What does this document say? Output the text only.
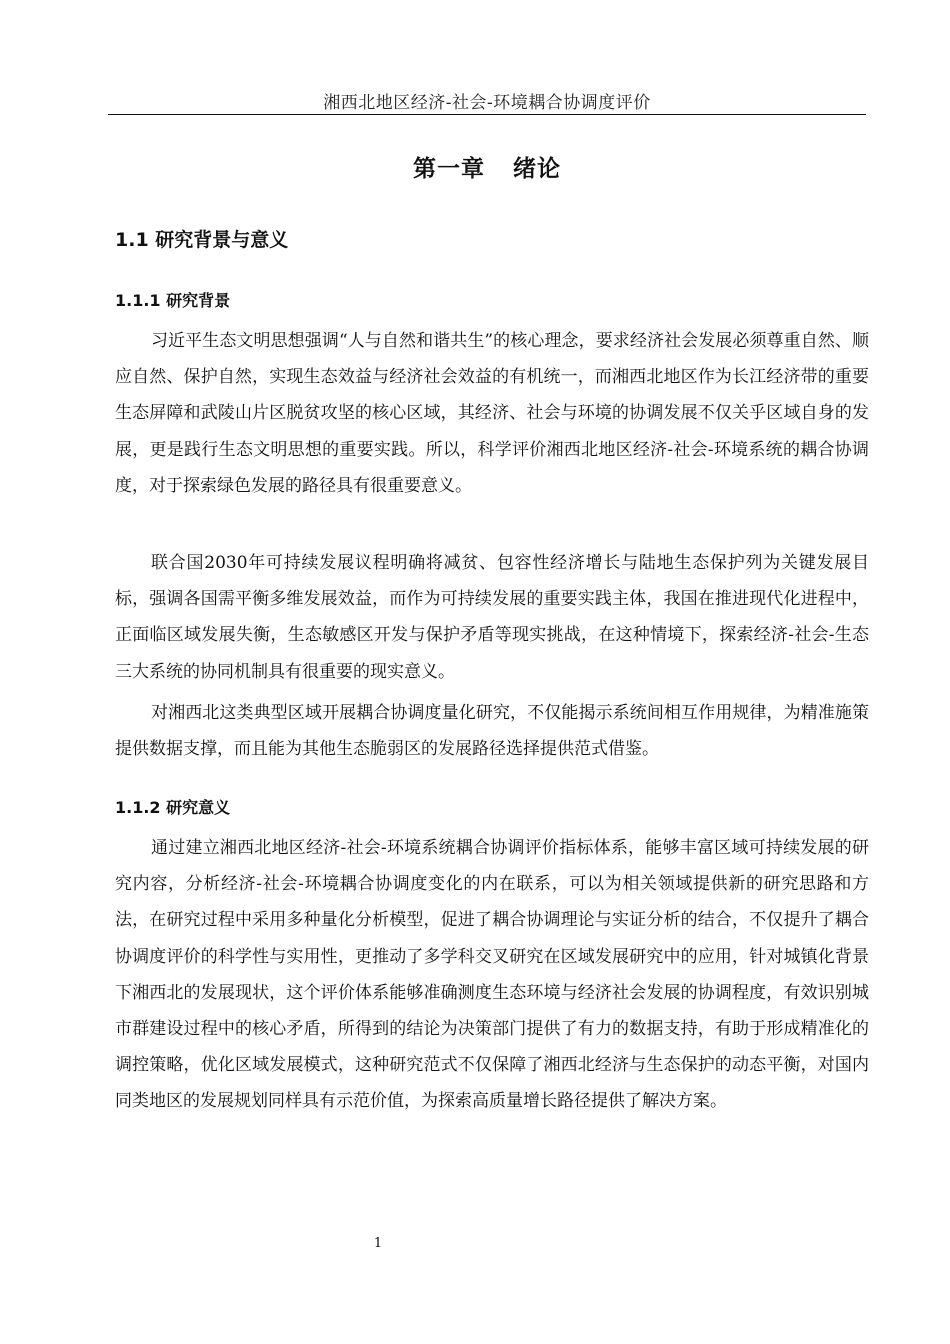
湘西北地区经济-社会-环境耦合协调度评价
第一章 绪论
1.1 研究背景与意义
1.1.1 研究背景

习近平生态文明思想强调“人与自然和谐共生”的核心理念，要求经济社会发展必须尊重自然、顺应自然、保护自然，实现生态效益与经济社会效益的有机统一，而湘西北地区作为长江经济带的重要生态屏障和武陵山片区脱贫攻坚的核心区域，其经济、社会与环境的协调发展不仅关乎区域自身的发展，更是践行生态文明思想的重要实践。所以，科学评价湘西北地区经济-社会-环境系统的耦合协调度，对于探索绿色发展的路径具有很重要意义。

联合国2030年可持续发展议程明确将减贫、包容性经济增长与陆地生态保护列为关键发展目标，强调各国需平衡多维发展效益，而作为可持续发展的重要实践主体，我国在推进现代化进程中，正面临区域发展失衡，生态敏感区开发与保护矛盾等现实挑战，在这种情境下，探索经济-社会-生态三大系统的协同机制具有很重要的现实意义。

对湘西北这类典型区域开展耦合协调度量化研究，不仅能揭示系统间相互作用规律，为精准施策提供数据支撑，而且能为其他生态脆弱区的发展路径选择提供范式借鉴。

1.1.2 研究意义

通过建立湘西北地区经济-社会-环境系统耦合协调评价指标体系，能够丰富区域可持续发展的研究内容，分析经济-社会-环境耦合协调度变化的内在联系，可以为相关领域提供新的研究思路和方法，在研究过程中采用多种量化分析模型，促进了耦合协调理论与实证分析的结合，不仅提升了耦合协调度评价的科学性与实用性，更推动了多学科交叉研究在区域发展研究中的应用，针对城镇化背景下湘西北的发展现状，这个评价体系能够准确测度生态环境与经济社会发展的协调程度，有效识别城市群建设过程中的核心矛盾，所得到的结论为决策部门提供了有力的数据支持，有助于形成精准化的调控策略，优化区域发展模式，这种研究范式不仅保障了湘西北经济与生态保护的动态平衡，对国内同类地区的发展规划同样具有示范价值，为探索高质量增长路径提供了解决方案。

1
